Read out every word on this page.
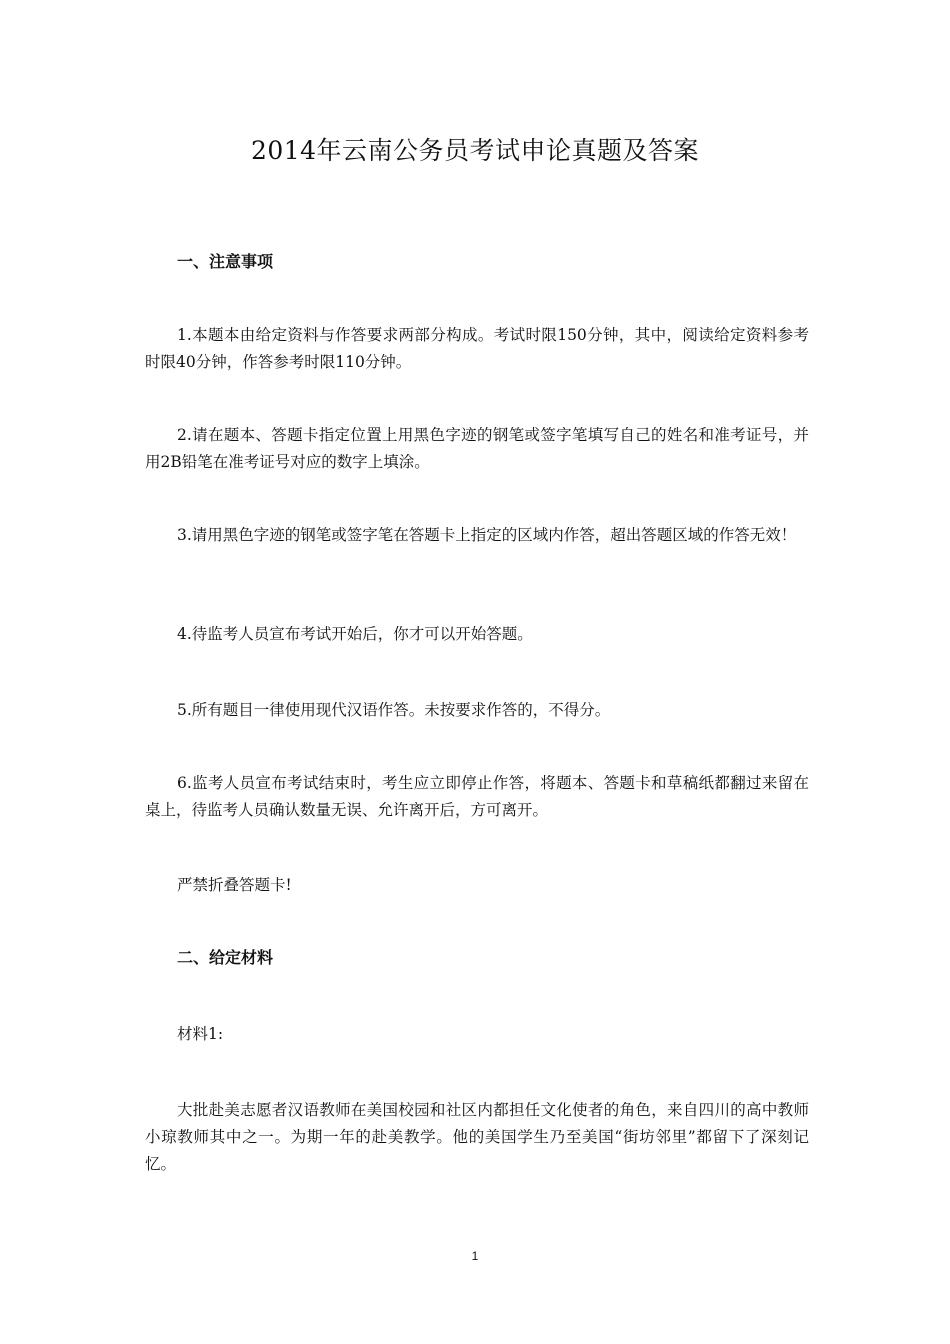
2014年云南公务员考试申论真题及答案
一、注意事项

1.本题本由给定资料与作答要求两部分构成。考试时限150分钟，其中，阅读给定资料参考时限40分钟，作答参考时限110分钟。

2.请在题本、答题卡指定位置上用黑色字迹的钢笔或签字笔填写自己的姓名和准考证号，并用2B铅笔在准考证号对应的数字上填涂。

3.请用黑色字迹的钢笔或签字笔在答题卡上指定的区域内作答，超出答题区域的作答无效！

4.待监考人员宣布考试开始后，你才可以开始答题。

5.所有题目一律使用现代汉语作答。未按要求作答的，不得分。

6.监考人员宣布考试结束时，考生应立即停止作答，将题本、答题卡和草稿纸都翻过来留在桌上，待监考人员确认数量无误、允许离开后，方可离开。

严禁折叠答题卡!

二、给定材料

材料1:

大批赴美志愿者汉语教师在美国校园和社区内都担任文化使者的角色，来自四川的高中教师小琼教师其中之一。为期一年的赴美教学。他的美国学生乃至美国“街坊邻里”都留下了深刻记忆。

1
